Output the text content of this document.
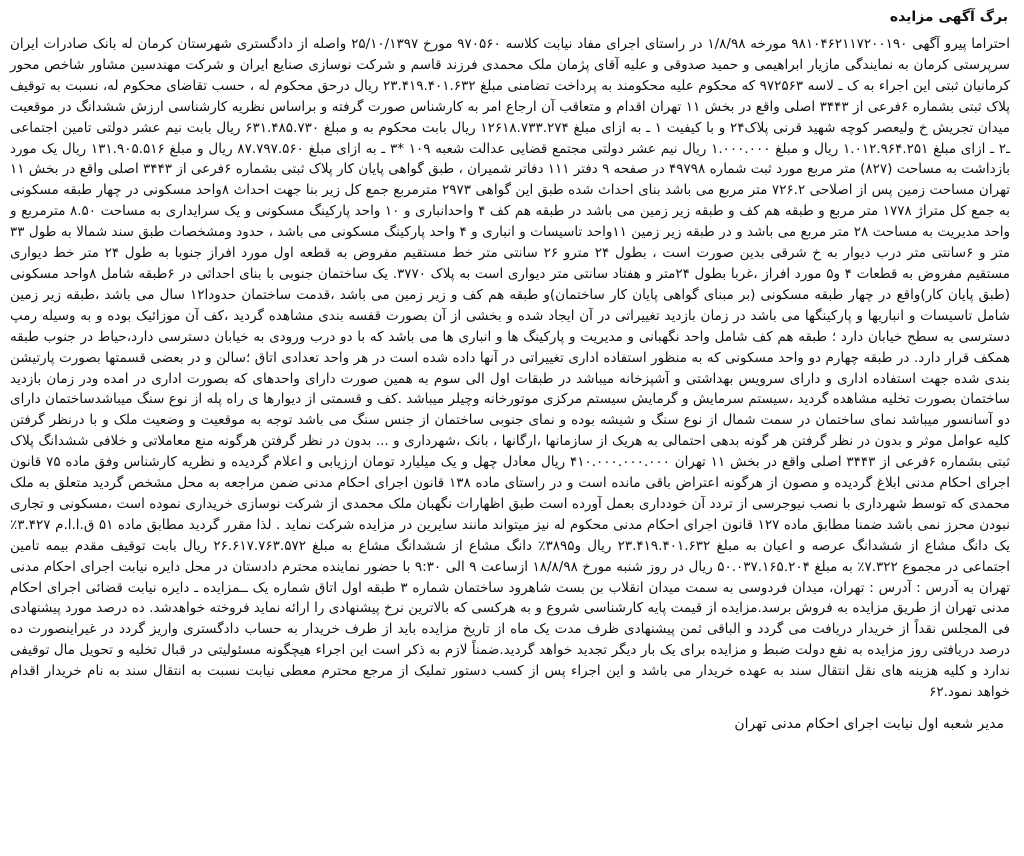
برگ آگهی مزایده

احتراما پیرو آگهی ۹۸۱۰۴۶۲۱۱۷۲۰۰۱۹۰ مورخه ۱/۸/۹۸ در راستای اجرای مفاد نیابت کلاسه ۹۷۰۵۶۰ مورخ ۲۵/۱۰/۱۳۹۷ واصله از دادگستری شهرستان کرمان له بانک صادرات ایران سرپرستی کرمان به نمایندگی مازیار ابراهیمی و حمید صدوقی و علیه آقای پژمان ملک محمدی فرزند قاسم و شرکت نوسازی صنایع ایران و شرکت مهندسین مشاور شاخص محور کرمانیان ثبتی این اجراء به ک ـ لاسه ۹۷۲۵۶۳ که محکوم علیه محکومند به پرداخت تضامنی مبلغ ۲۳.۴۱۹.۴۰۱.۶۳۲ ریال درحق محکوم له ، حسب تقاضای محکوم له، نسبت به توقیف پلاک ثبتی بشماره ۶فرعی از ۳۴۴۳ اصلی واقع در بخش ۱۱ تهران اقدام و متعاقب آن ارجاع امر به کارشناس صورت گرفته و براساس نظریه کارشناسی ارزش ششدانگ در موقعیت میدان تجریش خ ولیعصر کوچه شهید قرنی پلاک۲۴ و با کیفیت ۱ ـ به ازای مبلغ ۱۲۶۱۸.۷۳۳.۲۷۴ ریال بابت محکوم به و مبلغ ۶۳۱.۴۸۵.۷۳۰ ریال بابت نیم عشر دولتی تامین اجتماعی ـ۲ ـ ازای مبلغ ۱.۰۱۲.۹۶۴.۲۵۱ ریال و مبلغ ۱.۰۰۰.۰۰۰ ریال نیم عشر دولتی مجتمع قضایی عدالت شعبه ۱۰۹ *۳ ـ به ازای مبلغ ۸۷.۷۹۷.۵۶۰ ریال و مبلغ ۱۳۱.۹۰۵.۵۱۶ ریال یک مورد بازداشت به مساحت (۸۲۷) متر مربع مورد ثبت شماره ۴۹۷۹۸ در صفحه ۹ دفتر ۱۱۱ دفاتر شمیران ، طبق گواهی پایان کار پلاک ثبتی بشماره ۶فرعی از ۳۴۴۳ اصلی واقع در بخش ۱۱ تهران مساحت زمین پس از اصلاحی ۷۲۶.۲ متر مربع می باشد بنای احداث شده طبق این گواهی ۲۹۷۳ مترمربع جمع کل زیر بنا جهت احداث ۸واحد مسکونی در چهار طبقه مسکونی به جمع کل متراژ ۱۷۷۸ متر مربع و طبقه هم کف و طبقه زیر زمین می باشد در طبقه هم کف ۴ واحدانباری و ۱۰ واحد پارکینگ مسکونی و یک سرایداری به مساحت ۸.۵۰ مترمربع و واحد مدیریت به مساحت ۲۸ متر مربع می باشد و در طبقه زیر زمین ۱۱واحد تاسیسات و انباری و ۴ واحد پارکینگ مسکونی می باشد ، حدود ومشخصات طبق سند شمالا به طول ۳۳ متر و ۶سانتی متر درب دیوار به خ شرقی بدین صورت است ، بطول ۲۴ مترو ۲۶ سانتی متر خط مستقیم مفروض به قطعه اول مورد افراز جنوبا به طول ۲۴ متر خط دیواری مستقیم مفروض به قطعات ۴ و۵ مورد افراز ،غربا بطول ۲۴متر و هفتاد سانتی متر دیواری است به پلاک ۳۷۷۰. یک ساختمان جنوبی با بنای احداثی در ۶طبقه شامل ۸واحد مسکونی (طبق پایان کار)واقع در چهار طبقه مسکونی (بر مبنای گواهی پایان کار ساختمان)و طبقه هم کف و زیر زمین می باشد ،قدمت ساختمان حدودا۱۲ سال می باشد ،طبقه زیر زمین شامل تاسیسات و انباریها و پارکینگها می باشد در زمان بازدید تغییراتی در آن ایجاد شده و بخشی از آن بصورت قفسه بندی مشاهده گردید ،کف آن موزائیک بوده و به وسیله رمپ دسترسی به سطح خیابان دارد ؛ طبقه هم کف شامل واحد نگهبانی و مدیریت و پارکینگ ها و انباری ها می باشد که با دو درب ورودی به خیابان دسترسی دارد،حیاط در جنوب طبقه همکف قرار دارد. در طبقه چهارم دو واحد مسکونی که به منظور استفاده اداری تغییراتی در آنها داده شده است در هر واحد تعدادی اتاق ؛سالن و در بعضی قسمتها بصورت پارتیشن بندی شده جهت استفاده اداری و دارای سرویس بهداشتی و آشپزخانه میباشد در طبقات اول الی سوم به همین صورت دارای واحدهای که بصورت اداری در امده ودر زمان بازدید ساختمان بصورت تخلیه مشاهده گردید ،سیستم سرمایش و گرمایش سیستم مرکزی موتورخانه وچیلر میباشد .کف و قسمتی از دیوارها ی راه پله از نوع سنگ میباشدساختمان دارای دو آسانسور میباشد نمای ساختمان در سمت شمال از نوع سنگ و شیشه بوده و نمای جنوبی ساختمان از جنس سنگ می باشد توجه به موقعیت و وضعیت ملک و با درنظر گرفتن کلیه عوامل موثر و بدون در نظر گرفتن هر گونه بدهی احتمالی به هریک از سازمانها ،ارگانها ، بانک ،شهرداری و ... بدون در نظر گرفتن هرگونه منع معاملاتی و خلافی ششدانگ پلاک ثبتی بشماره ۶فرعی از ۳۴۴۳ اصلی واقع در بخش ۱۱ تهران ۴۱۰.۰۰۰.۰۰۰.۰۰۰ ریال معادل چهل و یک میلیارد تومان ارزیابی و اعلام گردیده و نظریه کارشناس وفق ماده ۷۵ قانون اجرای احکام مدنی ابلاغ گردیده و مصون از هرگونه اعتراض باقی مانده است و در راستای ماده ۱۳۸ قانون اجرای احکام مدنی ضمن مراجعه به محل مشخص گردید متعلق به ملک محمدی که توسط شهرداری با نصب نیوجرسی از تردد آن خودداری بعمل آورده است طبق اظهارات نگهبان ملک محمدی از شرکت نوسازی خریداری نموده است ،مسکونی و تجاری نبودن محرز نمی باشد ضمنا مطابق ماده ۱۲۷ قانون اجرای احکام مدنی محکوم له نیز میتواند مانند سایرین در مزایده شرکت نماید . لذا مقرر گردید مطابق ماده ۵۱ ق.ا.ا.م ۳.۴۲۷٪ یک دانگ مشاع از ششدانگ عرصه و اعیان به مبلغ ۲۳.۴۱۹.۴۰۱.۶۳۲ ریال و۳۸۹۵٪ دانگ مشاع از ششدانگ مشاع به مبلغ ۲۶.۶۱۷.۷۶۳.۵۷۲ ریال بابت توقیف مقدم بیمه تامین اجتماعی در مجموع ۷.۳۲۲٪ به مبلغ ۵۰.۰۳۷.۱۶۵.۲۰۴ ریال در روز شنبه مورخ ۱۸/۸/۹۸ ازساعت ۹ الی ۹:۳۰ با حضور نماینده محترم دادستان در محل دایره نیابت اجرای احکام مدنی تهران به آدرس : آدرس : تهران، میدان فردوسی به سمت میدان انقلاب بن بست شاهرود ساختمان شماره ۳ طبقه اول اتاق شماره یک ــمزایده ـ دایره نیابت قضائی اجرای احکام مدنی تهران از طریق مزایده به فروش برسد.مزایده از قیمت پایه کارشناسی شروع و به هرکسی که بالاترین نرخ پیشنهادی را ارائه نماید فروخته خواهدشد. ده درصد مورد پیشنهادی فی المجلس نقداً از خریدار دریافت می گردد و الباقی ثمن پیشنهادی ظرف مدت یک ماه از تاریخ مزایده باید از طرف خریدار به حساب دادگستری واریز گردد در غیراینصورت ده درصد دریافتی روز مزایده به نفع دولت ضبط و مزایده برای یک بار دیگر تجدید خواهد گردید.ضمناً لازم به ذکر است این اجراء هیچگونه مسئولیتی در قبال تخلیه و تحویل مال توقیفی ندارد و کلیه هزینه های نقل انتقال سند به عهده خریدار می باشد و این اجراء پس از کسب دستور تملیک از مرجع محترم معطی نیابت نسبت به انتقال سند به نام خریدار اقدام خواهد نمود.۶۲

مدیر شعبه اول نیابت اجرای احکام مدنی تهران
